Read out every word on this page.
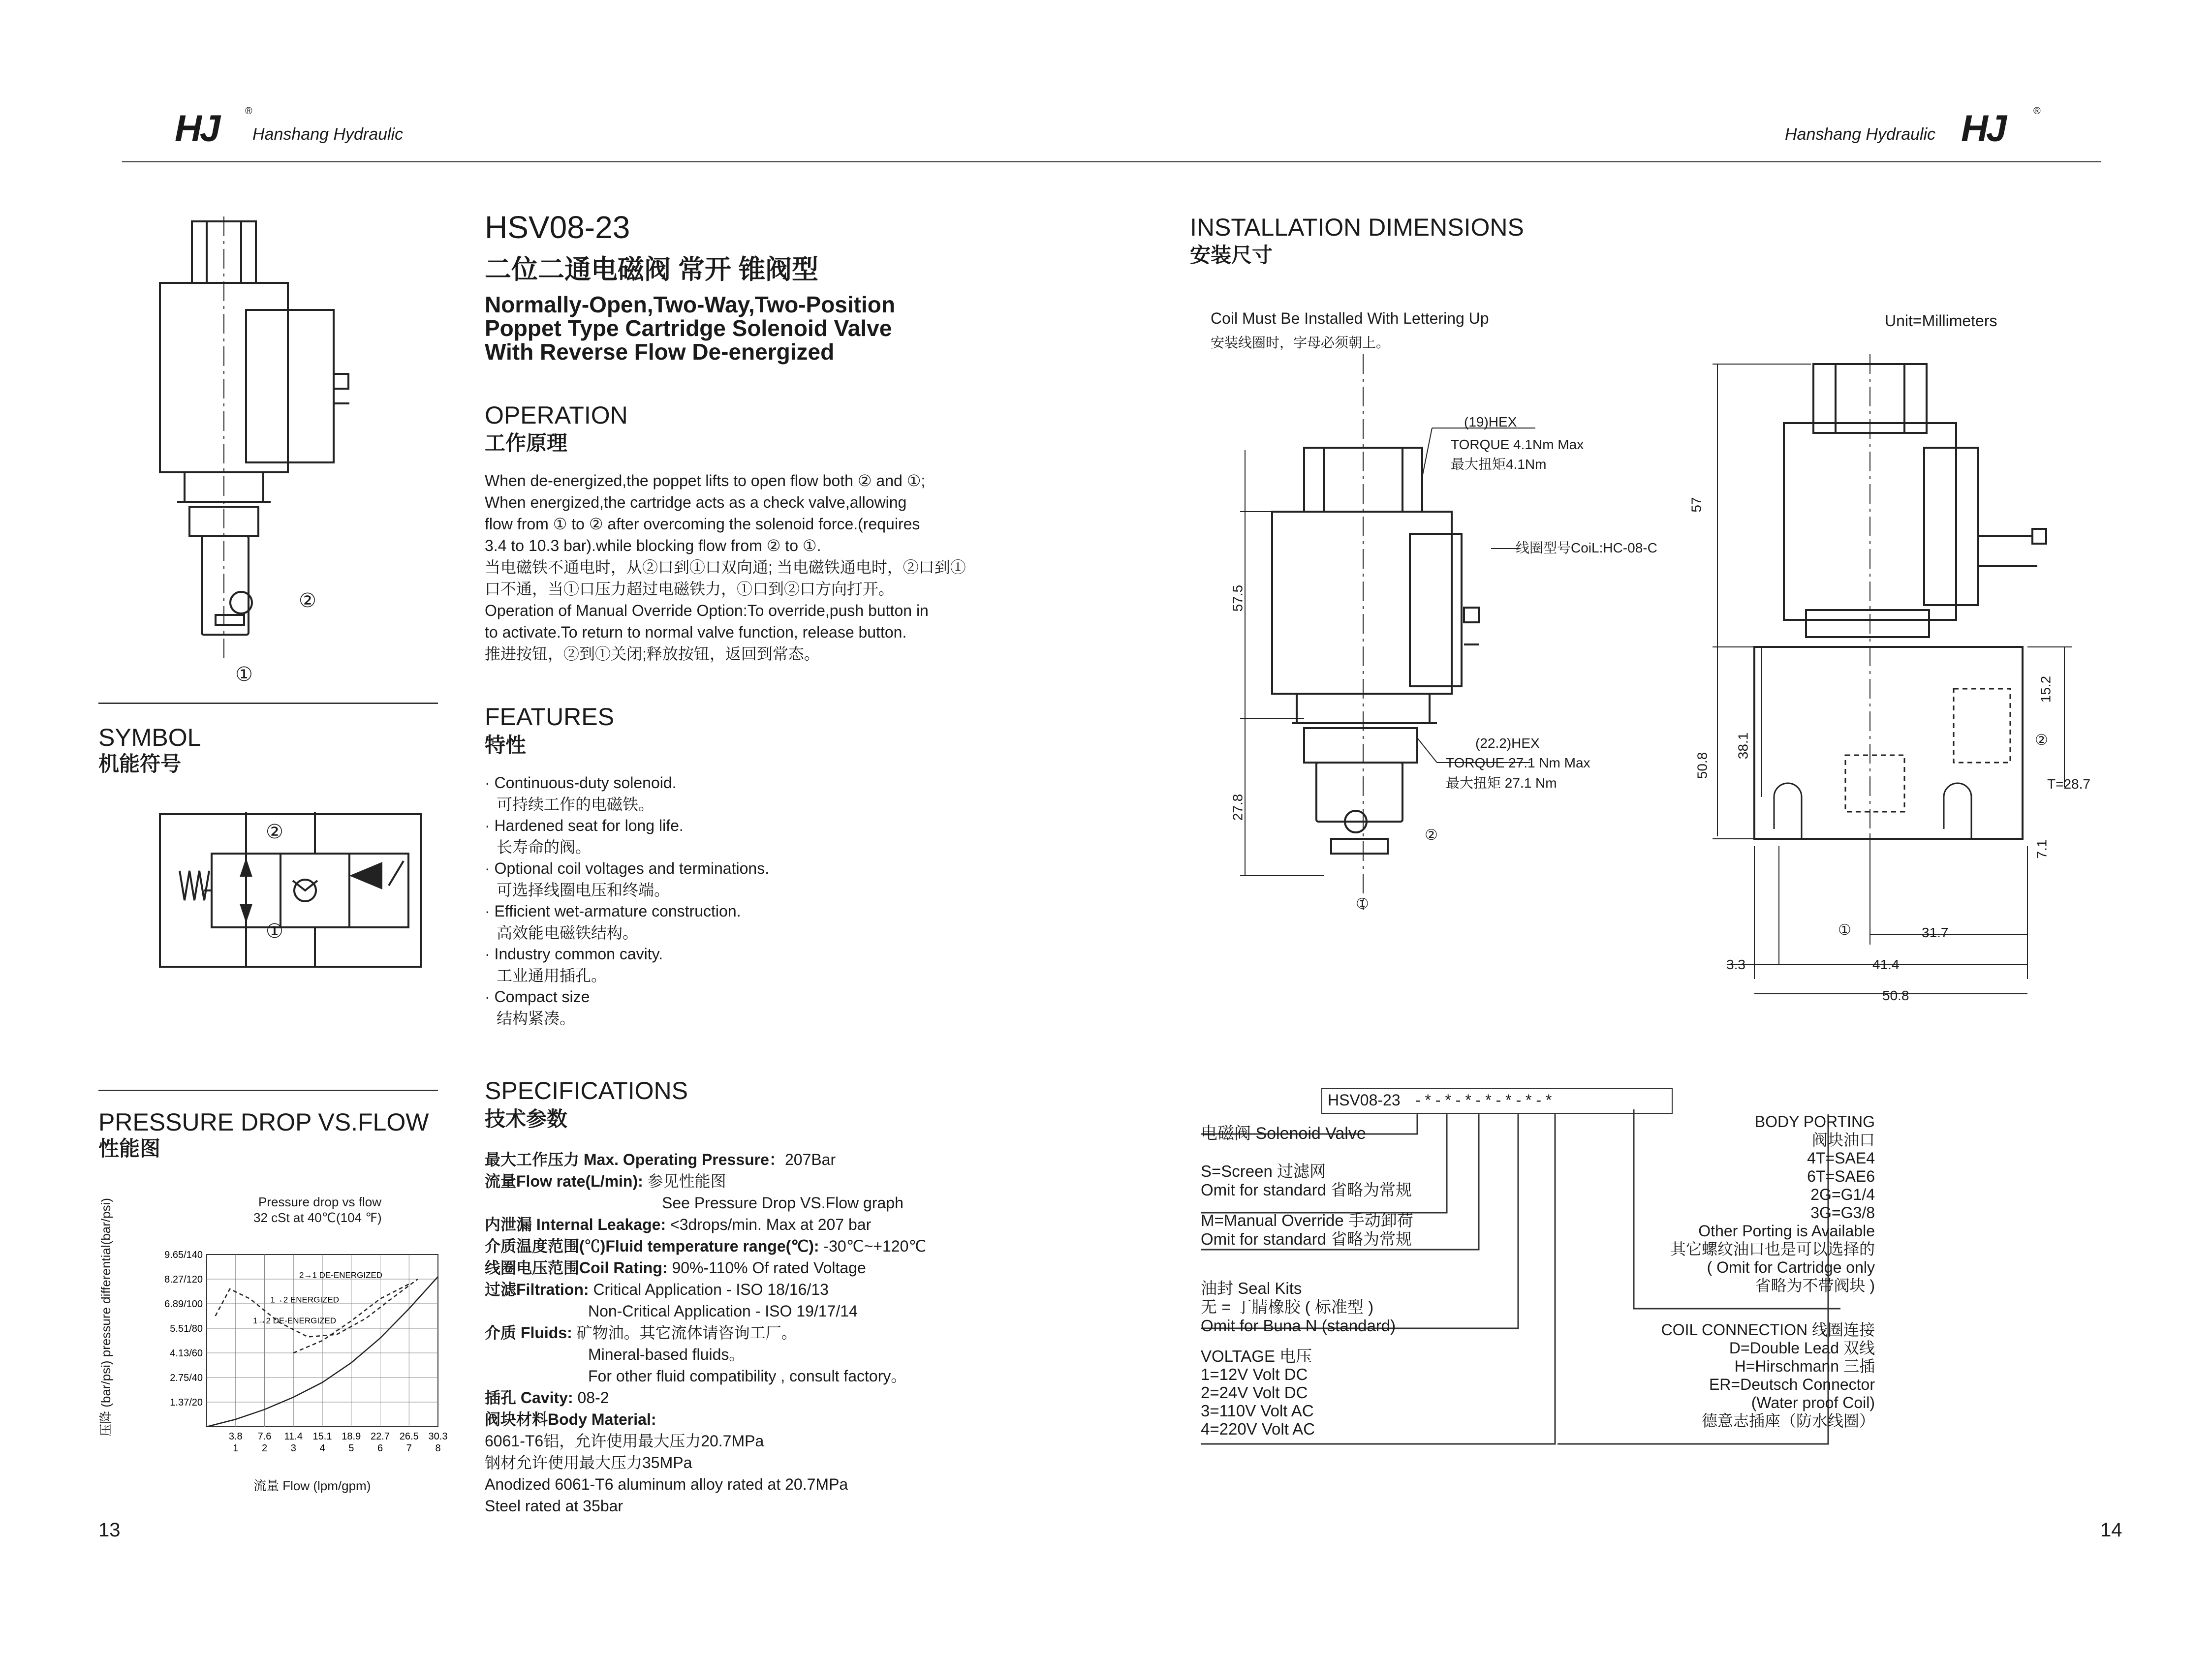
HJ	®
Hanshang Hydraulic	Hanshang Hydraulic HJ	®
②
①
HSV08-23
二位二通电磁阀 常开 锥阀型
Normally-Open,Two-Way,Two-Position
Poppet Type Cartridge Solenoid Valve
With Reverse Flow De-energized
OPERATION
工作原理
When de-energized,the poppet lifts to open flow both ② and ①;
When energized,the cartridge acts as a check valve,allowing
flow from ① to ② after overcoming the solenoid force.(requires
3.4 to 10.3 bar).while blocking flow from ② to ①.
当电磁铁不通电时，从②口到①口双向通; 当电磁铁通电时，②口到①
口不通，当①口压力超过电磁铁力，①口到②口方向打开。
Operation of Manual Override Option:To override,push button in
to activate.To return to normal valve function, release button.
推进按钮，②到①关闭;释放按钮，返回到常态。
SYMBOL
机能符号
②
①
FEATURES
特性
· Continuous-duty solenoid.
可持续工作的电磁铁。
· Hardened seat for long life.
长寿命的阀。
· Optional coil voltages and terminations.
可选择线圈电压和终端。
· Efficient wet-armature construction.
高效能电磁铁结构。
· Industry common cavity.
工业通用插孔。
· Compact size
结构紧凑。
PRESSURE DROP VS.FLOW
性能图
Pressure drop vs flow
32 cSt at 40℃(104 ℉)
流量 Flow (lpm/gpm)
压降 (bar/psi) pressure differential(bar/psi)	1.37/20
2.75/40
4.13/60
5.51/80
6.89/100
8.27/120
9.65/140
3.8 7.6 11.4 15.1 18.9 22.7 26.5 30.3
1 2 3 4 5 6 7 8
2→1 DE-ENERGIZED
1→2 ENERGIZED
1→2 DE-ENERGIZED
SPECIFICATIONS
技术参数
最大工作压力 Max. Operating Pressure：207Bar
流量Flow rate(L/min): 参见性能图
See Pressure Drop VS.Flow graph
内泄漏 Internal Leakage: <3drops/min. Max at 207 bar
介质温度范围(℃)Fluid temperature range(℃): -30℃~+120℃
线圈电压范围Coil Rating: 90%-110% Of rated Voltage
过滤Filtration: Critical Application - ISO 18/16/13
Non-Critical Application - ISO 19/17/14
介质 Fluids: 矿物油。其它流体请咨询工厂。
Mineral-based fluids。
For other fluid compatibility , consult factory。
插孔 Cavity: 08-2
阀块材料Body Material:
6061-T6铝，允许使用最大压力20.7MPa
钢材允许使用最大压力35MPa
Anodized 6061-T6 aluminum alloy rated at 20.7MPa
Steel rated at 35bar
INSTALLATION DIMENSIONS
安装尺寸
Coil Must Be Installed With Lettering Up
安装线圈时，字母必须朝上。
Unit=Millimeters
(19)HEX
TORQUE 4.1Nm Max
最大扭矩4.1Nm
线圈型号CoiL:HC-08-C
(22.2)HEX
TORQUE 27.1 Nm Max
最大扭矩 27.1 Nm
57.5
27.8
②
①
57
50.8
38.1
15.2
7.1
T=28.7
②
①	31.7
3.3	41.4
50.8
HSV08-23 - * - * - * - * - * - * - *
电磁阀 Solenoid Valve
S=Screen 过滤网
Omit for standard 省略为常规
M=Manual Override 手动卸荷
Omit for standard 省略为常规
油封 Seal Kits
无 = 丁腈橡胶 ( 标准型 )
Omit for Buna N (standard)
VOLTAGE 电压
1=12V Volt DC
2=24V Volt DC
3=110V Volt AC
4=220V Volt AC
BODY PORTING
阀块油口
4T=SAE4
6T=SAE6
2G=G1/4
3G=G3/8
Other Porting is Available
其它螺纹油口也是可以选择的
( Omit for Cartridge only
省略为不带阀块 )
COIL CONNECTION 线圈连接
D=Double Lead 双线
H=Hirschmann 三插
ER=Deutsch Connector
(Water proof Coil)
德意志插座（防水线圈）
13	14
